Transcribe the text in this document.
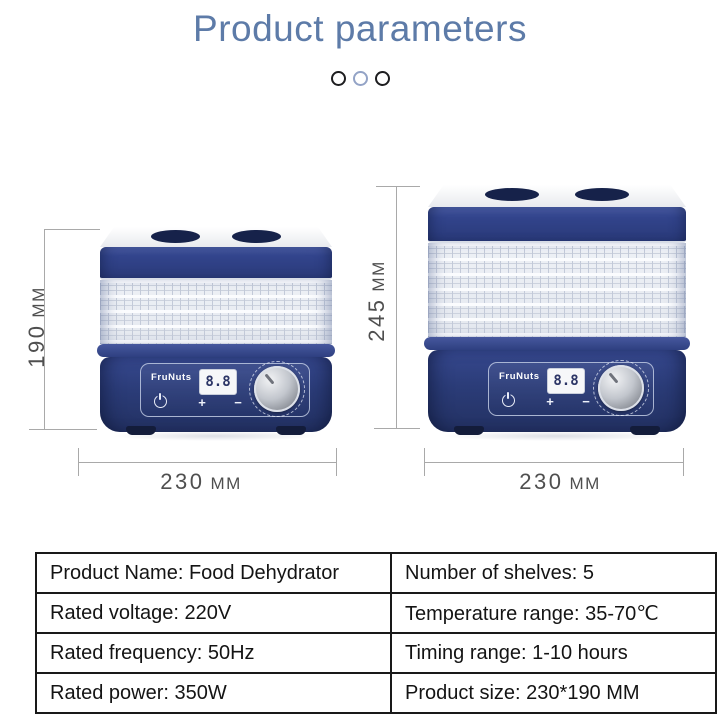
Product parameters
FruNuts 8.8
+	−
FruNuts 8.8
+	−
190MM
230 MM
245MM
230 MM
Product Name: Food Dehydrator	Number of shelves: 5
Rated voltage: 220V	Temperature range: 35-70℃
Rated frequency: 50Hz	Timing range: 1-10 hours
Rated power: 350W	Product size: 230*190 MM
